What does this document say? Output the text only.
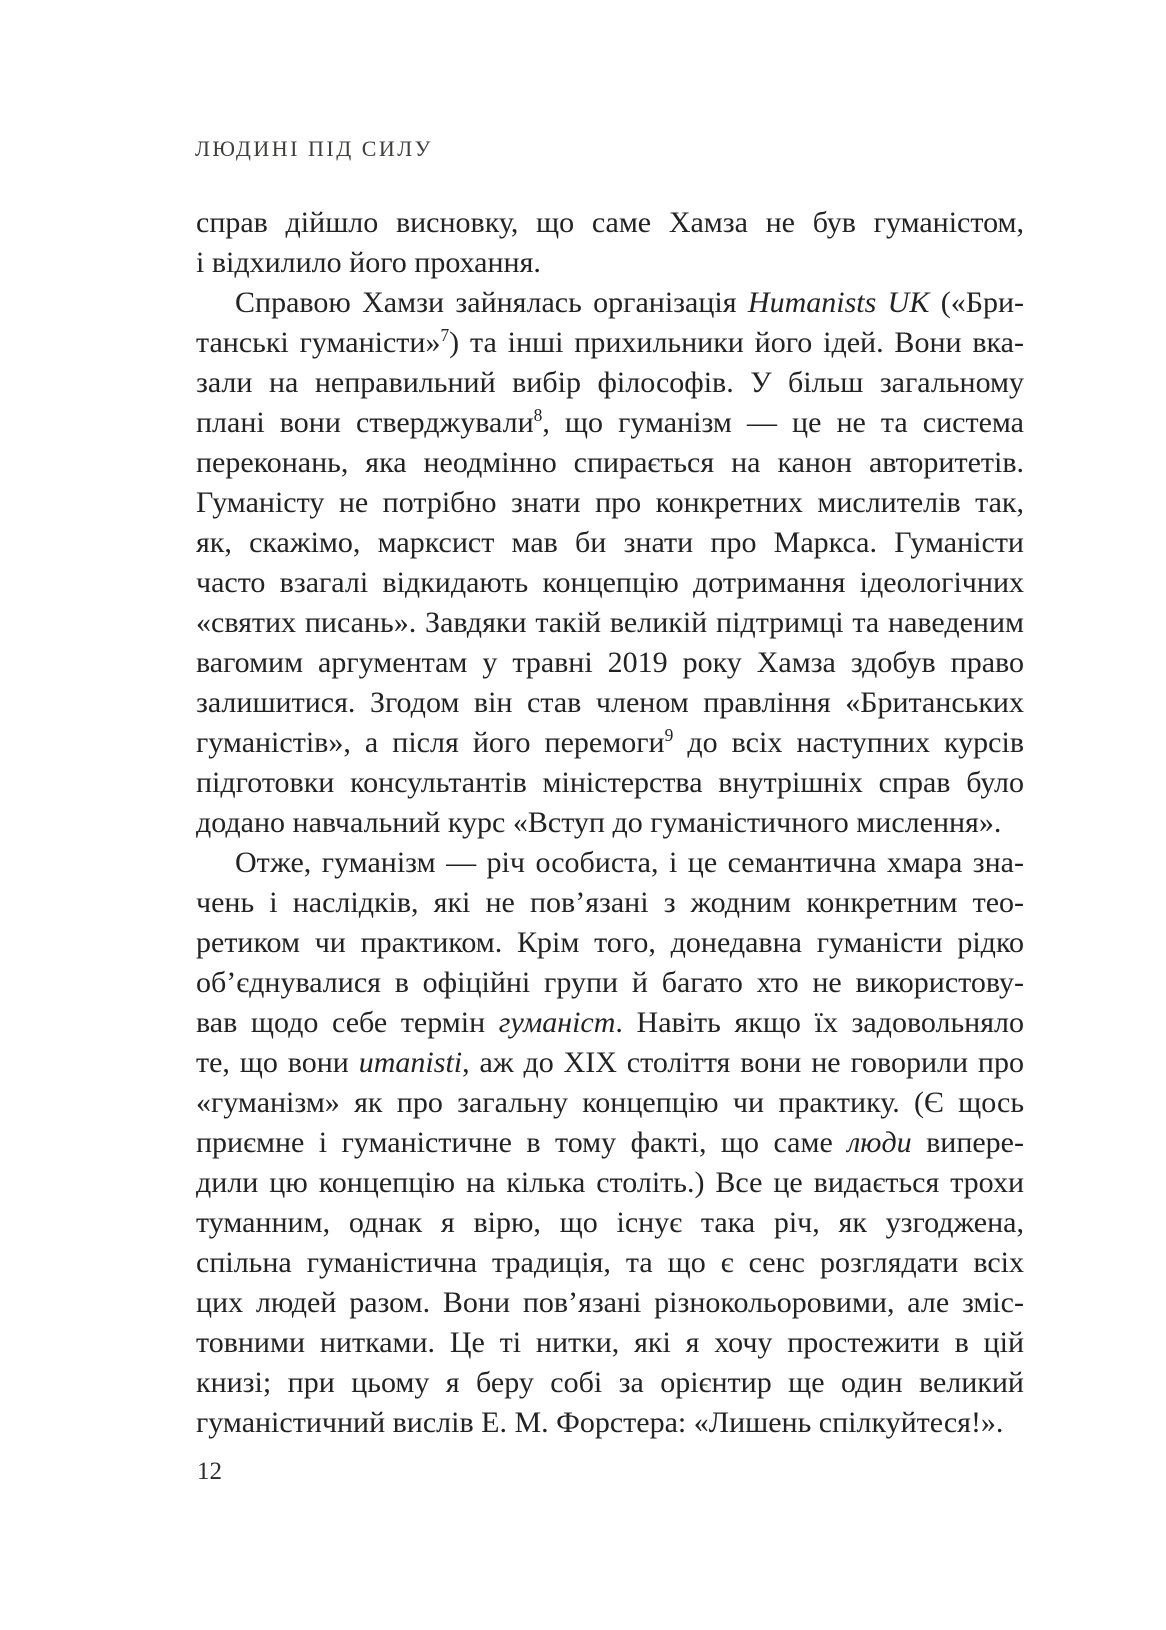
ЛЮДИНІ ПІД СИЛУ
справ дійшло висновку, що саме Хамза не був гуманістом,
і відхилило його прохання.
Справою Хамзи зайнялась організація Humanists UK («Бри-
танські гуманісти»$^7$) та інші прихильники його ідей. Вони вка-
зали на неправильний вибір філософів. У більш загальному
плані вони стверджували$^8$, що гуманізм — це не та система
переконань, яка неодмінно спирається на канон авторитетів.
Гуманісту не потрібно знати про конкретних мислителів так,
як, скажімо, марксист мав би знати про Маркса. Гуманісти
часто взагалі відкидають концепцію дотримання ідеологічних
«святих писань». Завдяки такій великій підтримці та наведеним
вагомим аргументам у травні 2019 року Хамза здобув право
залишитися. Згодом він став членом правління «Британських
гуманістів», а після його перемоги$^9$ до всіх наступних курсів
підготовки консультантів міністерства внутрішніх справ було
додано навчальний курс «Вступ до гуманістичного мислення».
Отже, гуманізм — річ особиста, і це семантична хмара зна-
чень і наслідків, які не пов’язані з жодним конкретним тео-
ретиком чи практиком. Крім того, донедавна гуманісти рідко
об’єднувалися в офіційні групи й багато хто не використову-
вав щодо себе термін гуманіст. Навіть якщо їх задовольняло
те, що вони umanisti, аж до XIX століття вони не говорили про
«гуманізм» як про загальну концепцію чи практику. (Є щось
приємне і гуманістичне в тому факті, що саме люди випере-
дили цю концепцію на кілька століть.) Все це видається трохи
туманним, однак я вірю, що існує така річ, як узгоджена,
спільна гуманістична традиція, та що є сенс розглядати всіх
цих людей разом. Вони пов’язані різнокольоровими, але зміс-
товними нитками. Це ті нитки, які я хочу простежити в цій
книзі; при цьому я беру собі за орієнтир ще один великий
гуманістичний вислів Е. М. Форстера: «Лишень спілкуйтеся!».
12
